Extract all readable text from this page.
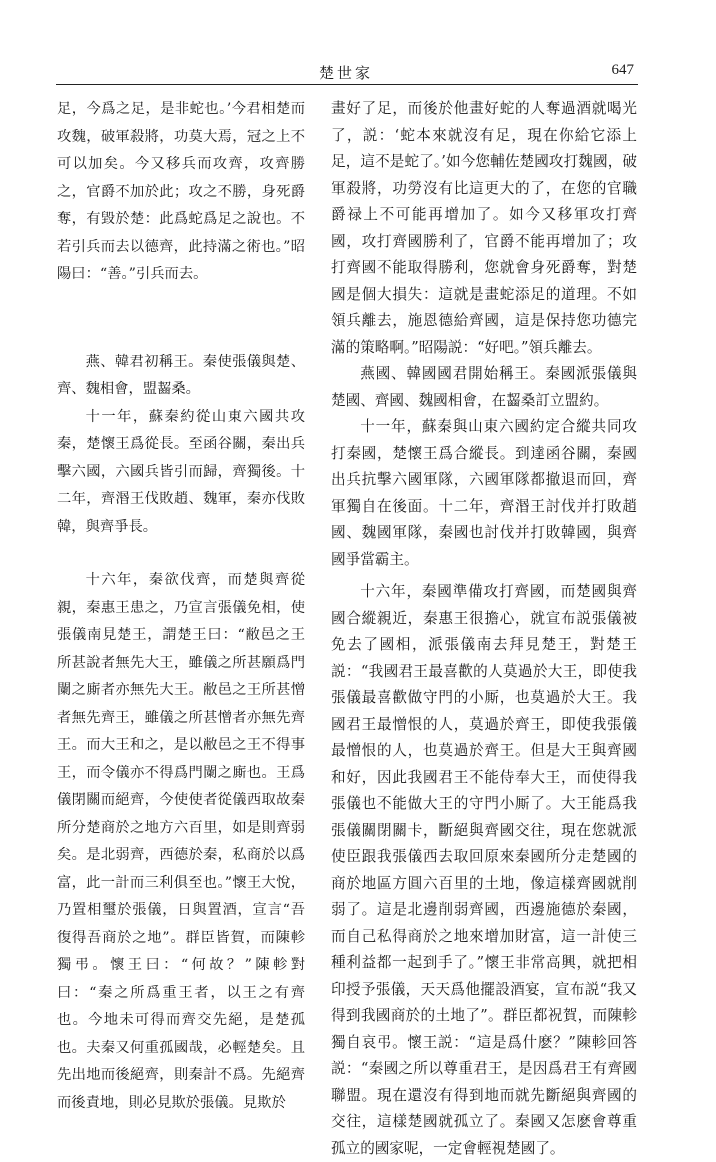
楚世家	647

足，今爲之足，是非蛇也。’今君相楚而攻魏，破軍殺將，功莫大焉，冠之上不可以加矣。今又移兵而攻齊，攻齊勝之，官爵不加於此；攻之不勝，身死爵奪，有毀於楚：此爲蛇爲足之說也。不若引兵而去以德齊，此持滿之術也。”昭陽曰：“善。”引兵而去。

燕、韓君初稱王。秦使張儀與楚、齊、魏相會，盟齧桑。

十一年，蘇秦約從山東六國共攻秦，楚懷王爲從長。至函谷關，秦出兵擊六國，六國兵皆引而歸，齊獨後。十二年，齊湣王伐敗趙、魏軍，秦亦伐敗韓，與齊爭長。

十六年，秦欲伐齊，而楚與齊從親，秦惠王患之，乃宣言張儀免相，使張儀南見楚王，謂楚王曰：“敝邑之王所甚說者無先大王，雖儀之所甚願爲門闌之廝者亦無先大王。敝邑之王所甚憎者無先齊王，雖儀之所甚憎者亦無先齊王。而大王和之，是以敝邑之王不得事王，而令儀亦不得爲門闌之廝也。王爲儀閉關而絕齊，今使使者從儀西取故秦所分楚商於之地方六百里，如是則齊弱矣。是北弱齊，西德於秦，私商於以爲富，此一計而三利俱至也。”懷王大悅，乃置相璽於張儀，日與置酒，宣言“吾復得吾商於之地”。群臣皆賀，而陳軫獨弔。懷王曰：“何故？”陳軫對曰：“秦之所爲重王者，以王之有齊也。今地未可得而齊交先絕，是楚孤也。夫秦又何重孤國哉，必輕楚矣。且先出地而後絕齊，則秦計不爲。先絕齊而後責地，則必見欺於張儀。見欺於

畫好了足，而後於他畫好蛇的人奪過酒就喝光了，説：‘蛇本來就沒有足，現在你給它添上足，這不是蛇了。’如今您輔佐楚國攻打魏國，破軍殺將，功勞沒有比這更大的了，在您的官職爵禄上不可能再增加了。如今又移軍攻打齊國，攻打齊國勝利了，官爵不能再增加了；攻打齊國不能取得勝利，您就會身死爵奪，對楚國是個大損失：這就是畫蛇添足的道理。不如領兵離去，施恩德給齊國，這是保持您功德完滿的策略啊。”昭陽説：“好吧。”領兵離去。

燕國、韓國國君開始稱王。秦國派張儀與楚國、齊國、魏國相會，在齧桑訂立盟約。

十一年，蘇秦與山東六國約定合縱共同攻打秦國，楚懷王爲合縱長。到達函谷關，秦國出兵抗擊六國軍隊，六國軍隊都撤退而回，齊軍獨自在後面。十二年，齊湣王討伐并打敗趙國、魏國軍隊，秦國也討伐并打敗韓國，與齊國爭當霸主。

十六年，秦國準備攻打齊國，而楚國與齊國合縱親近，秦惠王很擔心，就宣布説張儀被免去了國相，派張儀南去拜見楚王，對楚王説：“我國君王最喜歡的人莫過於大王，即使我張儀最喜歡做守門的小厮，也莫過於大王。我國君王最憎恨的人，莫過於齊王，即使我張儀最憎恨的人，也莫過於齊王。但是大王與齊國和好，因此我國君王不能侍奉大王，而使得我張儀也不能做大王的守門小厮了。大王能爲我張儀關閉關卡，斷絕與齊國交往，現在您就派使臣跟我張儀西去取回原來秦國所分走楚國的商於地區方圓六百里的土地，像這樣齊國就削弱了。這是北邊削弱齊國，西邊施德於秦國，而自己私得商於之地來增加財富，這一計使三種利益都一起到手了。”懷王非常高興，就把相印授予張儀，天天爲他擺設酒宴，宣布説“我又得到我國商於的土地了”。群臣都祝賀，而陳軫獨自哀弔。懷王説：“這是爲什麽？”陳軫回答説：“秦國之所以尊重君王，是因爲君王有齊國聯盟。現在還沒有得到地而就先斷絕與齊國的交往，這樣楚國就孤立了。秦國又怎麽會尊重孤立的國家呢，一定會輕視楚國了。
